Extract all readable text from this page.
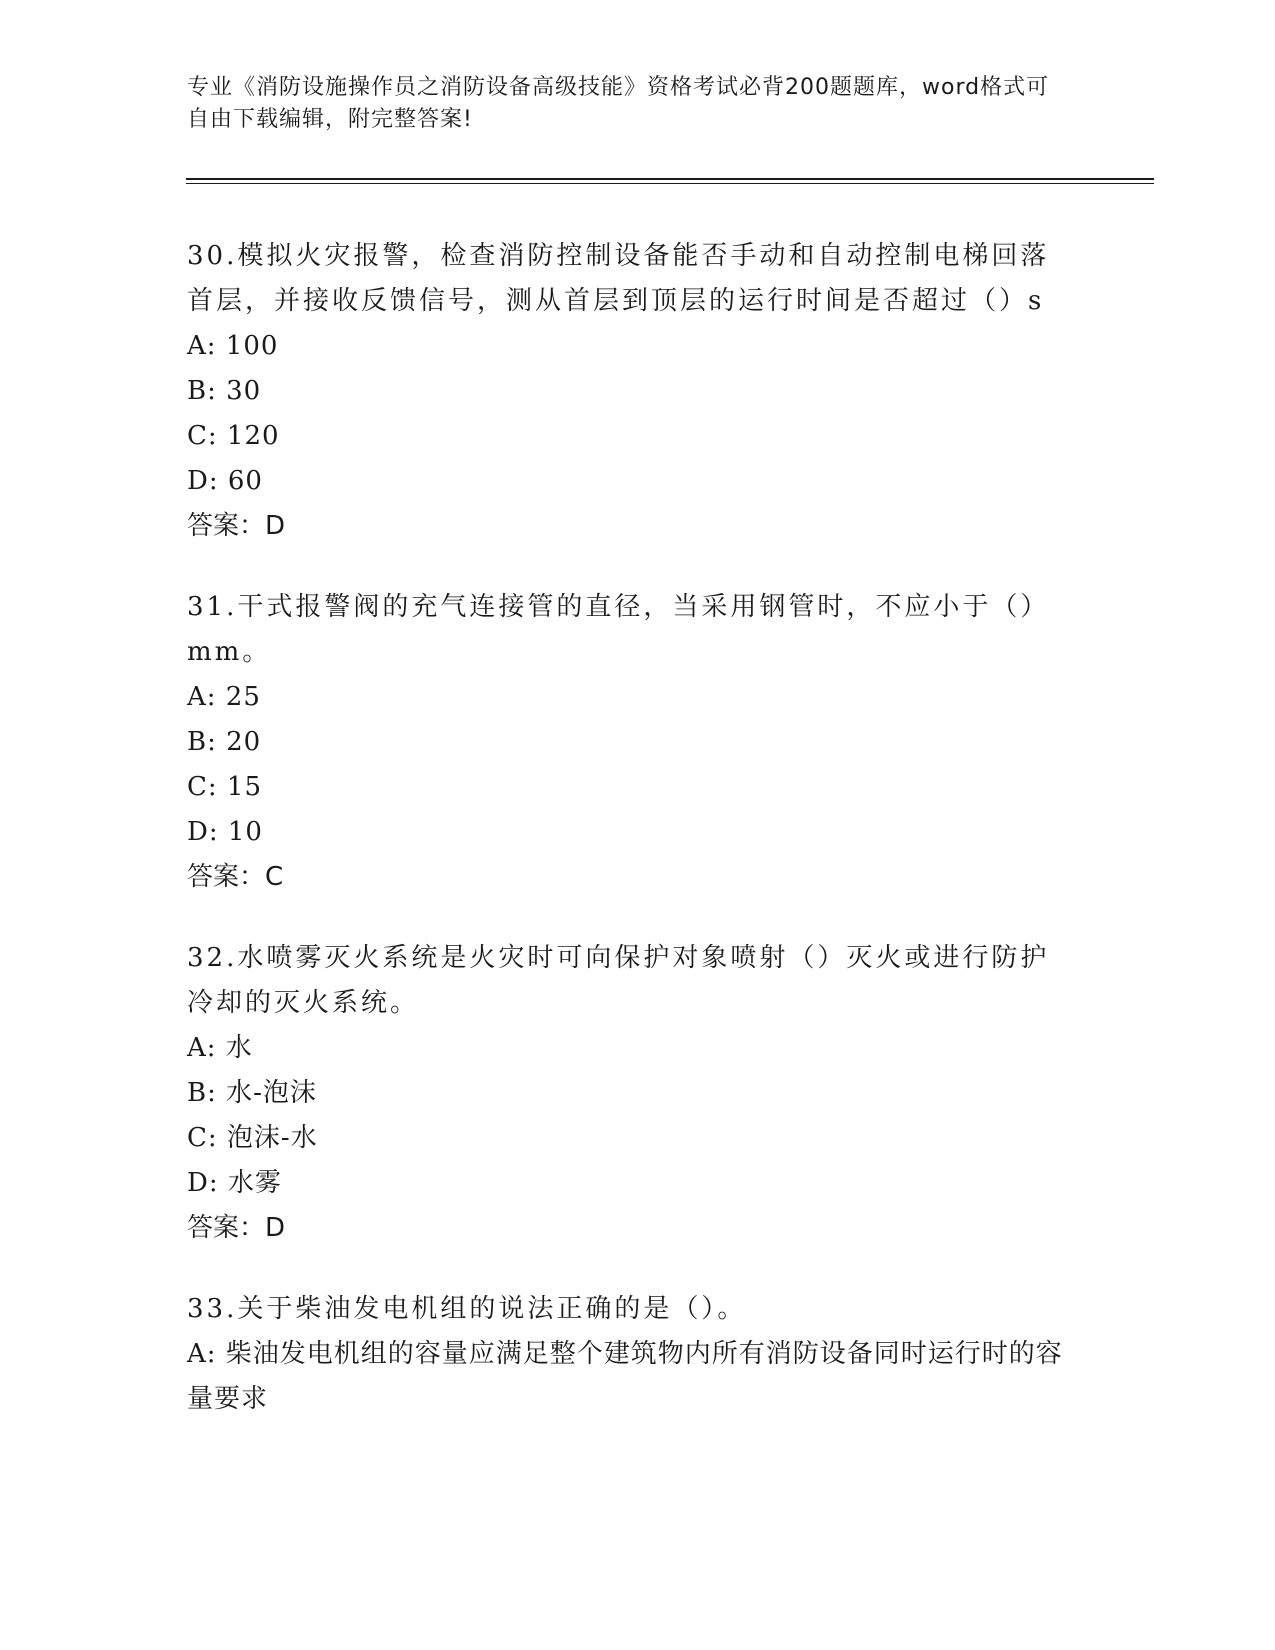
专业《消防设施操作员之消防设备高级技能》资格考试必背200题题库，word格式可自由下载编辑，附完整答案!

30.模拟火灾报警，检查消防控制设备能否手动和自动控制电梯回落首层，并接收反馈信号，测从首层到顶层的运行时间是否超过（）s

A: 100

B: 30

C: 120

D: 60

答案：D

31.干式报警阀的充气连接管的直径，当采用钢管时，不应小于（）mm。

A: 25

B: 20

C: 15

D: 10

答案：C

32.水喷雾灭火系统是火灾时可向保护对象喷射（）灭火或进行防护冷却的灭火系统。

A: 水

B: 水-泡沫

C: 泡沫-水

D: 水雾

答案：D

33.关于柴油发电机组的说法正确的是（）。

A: 柴油发电机组的容量应满足整个建筑物内所有消防设备同时运行时的容量要求
